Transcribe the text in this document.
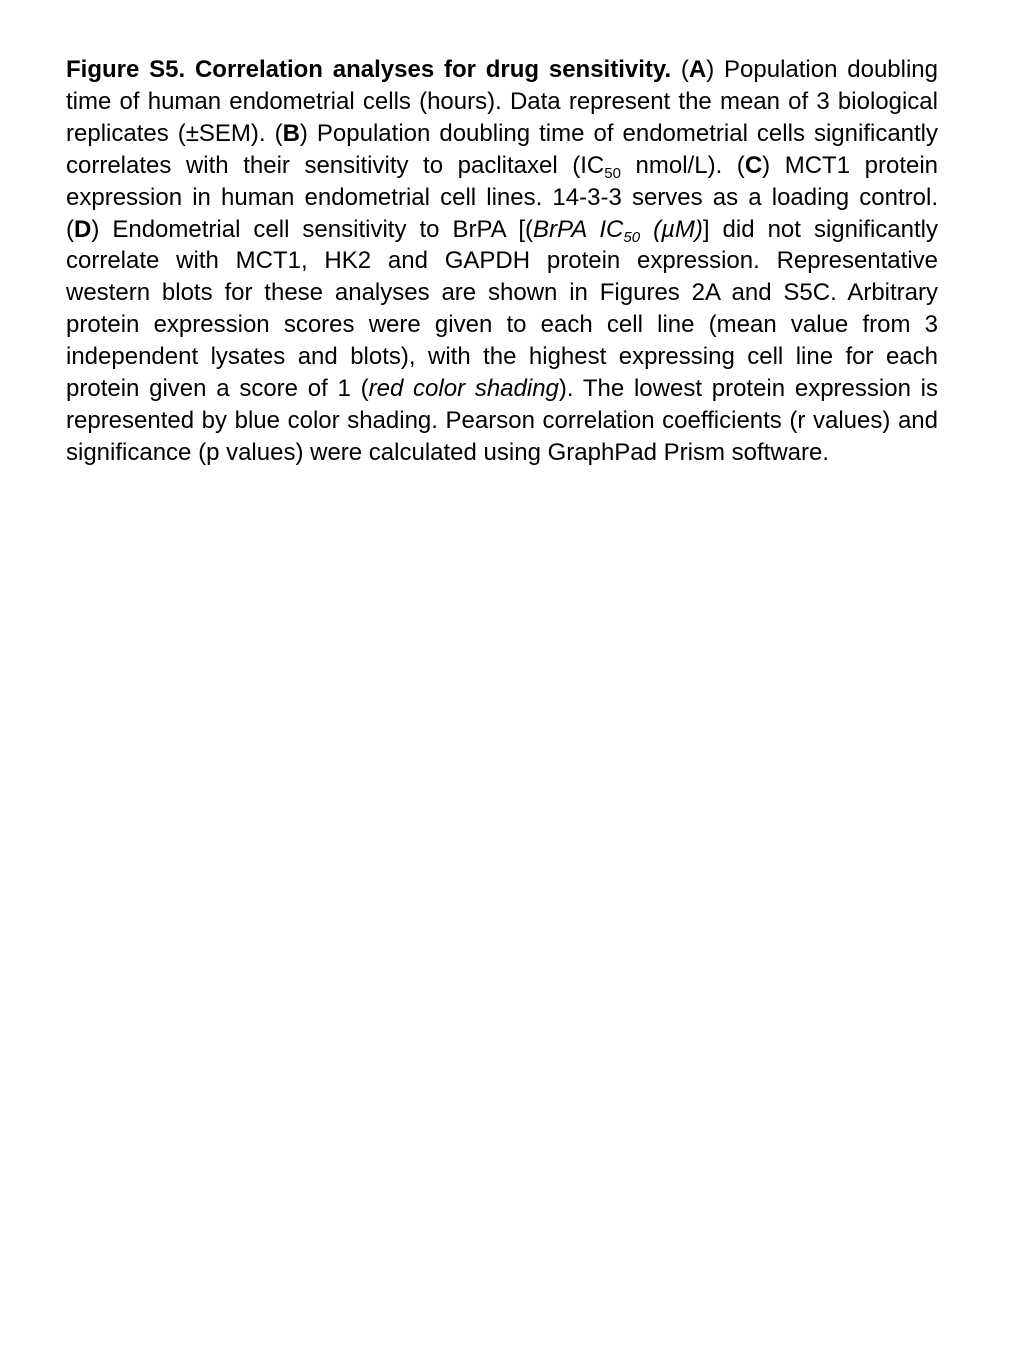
Figure S5. Correlation analyses for drug sensitivity. (A) Population doubling time of human endometrial cells (hours). Data represent the mean of 3 biological replicates (±SEM). (B) Population doubling time of endometrial cells significantly correlates with their sensitivity to paclitaxel ($IC_{50}$ nmol/L). (C) MCT1 protein expression in human endometrial cell lines. 14-3-3 serves as a loading control. (D) Endometrial cell sensitivity to BrPA [(BrPA $IC_{50}$ (µM)] did not significantly correlate with MCT1, HK2 and GAPDH protein expression. Representative western blots for these analyses are shown in Figures 2A and S5C. Arbitrary protein expression scores were given to each cell line (mean value from 3 independent lysates and blots), with the highest expressing cell line for each protein given a score of 1 (red color shading). The lowest protein expression is represented by blue color shading. Pearson correlation coefficients (r values) and significance (p values) were calculated using GraphPad Prism software.
